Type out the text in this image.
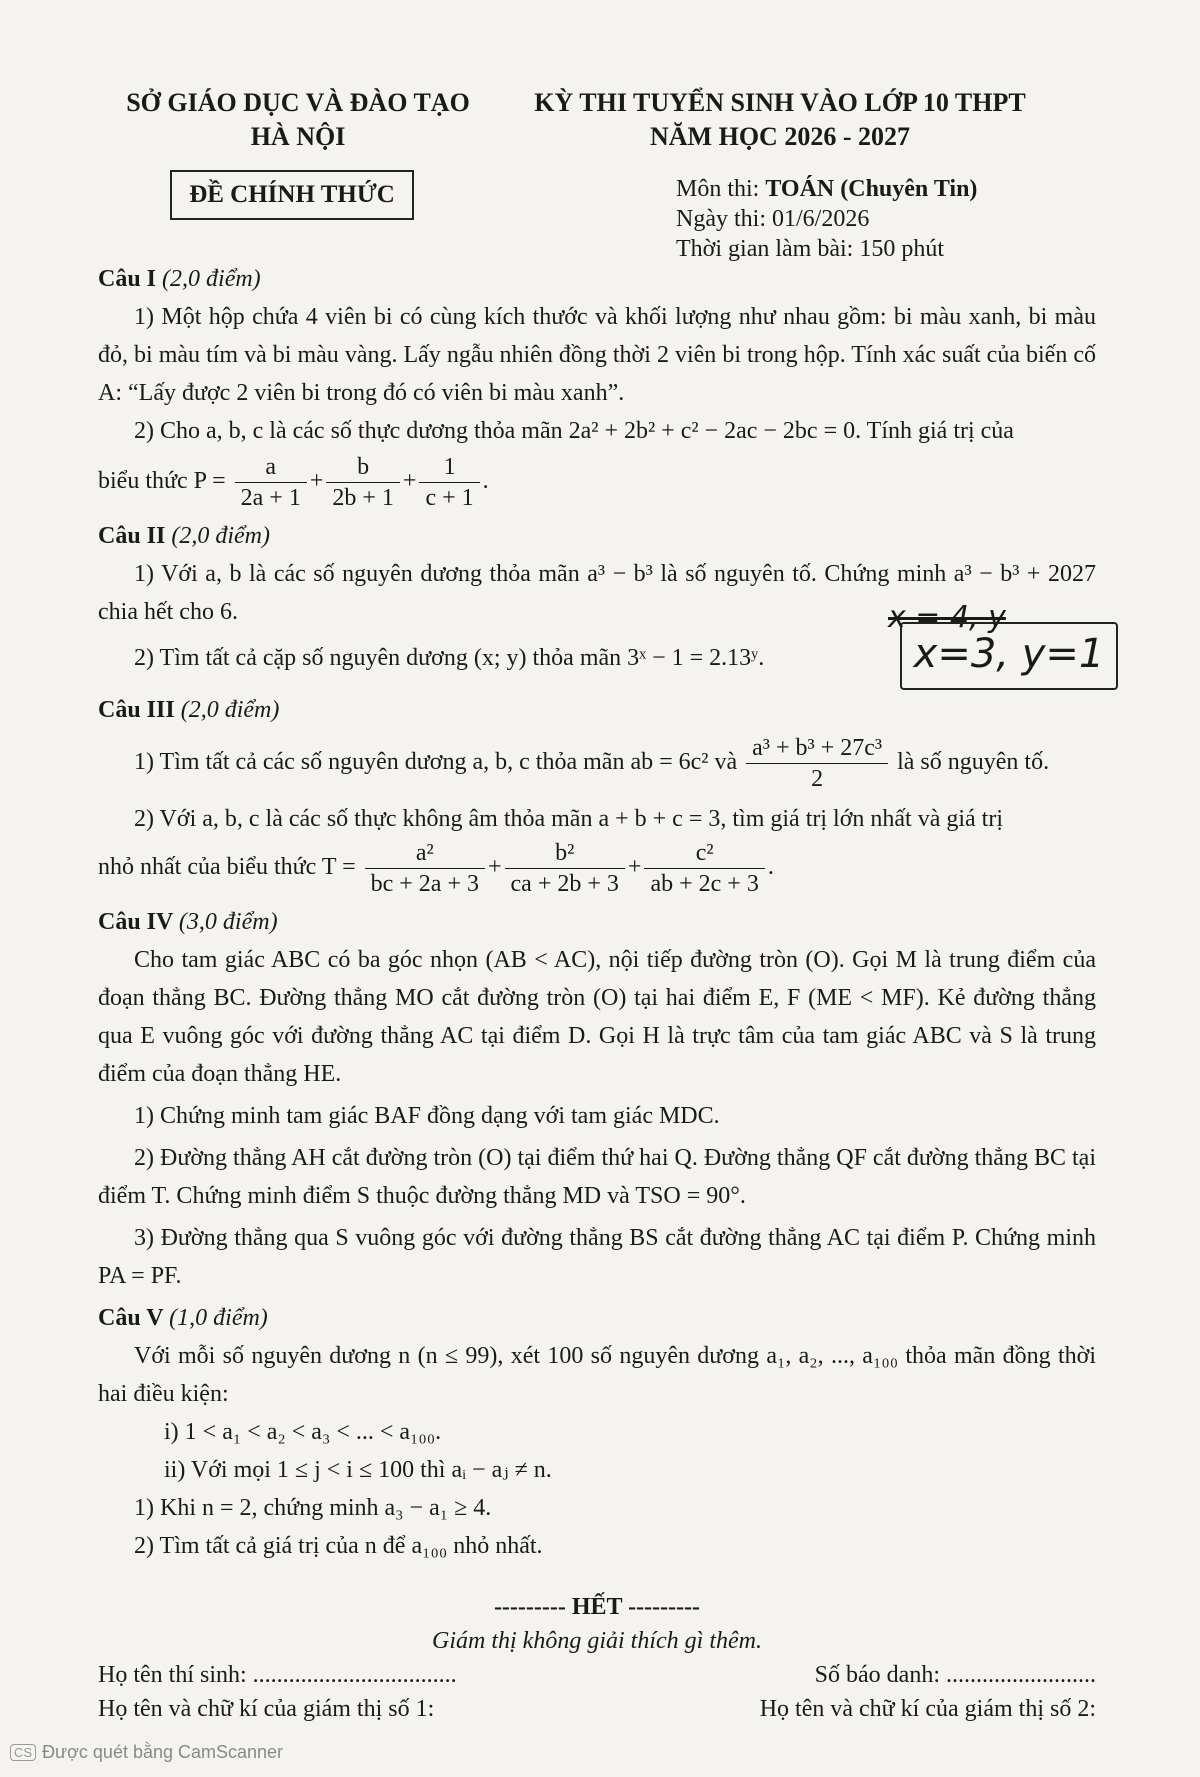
SỞ GIÁO DỤC VÀ ĐÀO TẠO
HÀ NỘI
KỲ THI TUYỂN SINH VÀO LỚP 10 THPT
NĂM HỌC 2026 - 2027
ĐỀ CHÍNH THỨC	Môn thi: TOÁN (Chuyên Tin)
Ngày thi: 01/6/2026
Thời gian làm bài: 150 phút
x = 4, y
x=3, y=1
Câu I (2,0 điểm)

1) Một hộp chứa 4 viên bi có cùng kích thước và khối lượng như nhau gồm: bi màu xanh, bi màu đỏ, bi màu tím và bi màu vàng. Lấy ngẫu nhiên đồng thời 2 viên bi trong hộp. Tính xác suất của biến cố A: “Lấy được 2 viên bi trong đó có viên bi màu xanh”.

2) Cho a, b, c là các số thực dương thỏa mãn 2a² + 2b² + c² − 2ac − 2bc = 0. Tính giá trị của

biểu thức $P = \frac{a}{2a + 1} + \frac{b}{2b + 1} + \frac{1}{c + 1}$ .
Câu II (2,0 điểm)

1) Với a, b là các số nguyên dương thỏa mãn a³ − b³ là số nguyên tố. Chứng minh a³ − b³ + 2027 chia hết cho 6.

2) Tìm tất cả cặp số nguyên dương (x; y) thỏa mãn 3ˣ − 1 = 2.13ʸ.

Câu III (2,0 điểm)
1) Tìm tất cả các số nguyên dương a, b, c thỏa mãn ab = 6c² và $\frac{\text{a³ + b³ + 27c³}}{2}$ là số nguyên tố.

2) Với a, b, c là các số thực không âm thỏa mãn a + b + c = 3, tìm giá trị lớn nhất và giá trị

nhỏ nhất của biểu thức $T = \frac{\text{a²}}{bc + 2a + 3} + \frac{\text{b²}}{ca + 2b + 3} + \frac{\text{c²}}{ab + 2c + 3}$ .
Câu IV (3,0 điểm)

Cho tam giác ABC có ba góc nhọn (AB < AC), nội tiếp đường tròn (O). Gọi M là trung điểm của đoạn thẳng BC. Đường thẳng MO cắt đường tròn (O) tại hai điểm E, F (ME < MF). Kẻ đường thẳng qua E vuông góc với đường thẳng AC tại điểm D. Gọi H là trực tâm của tam giác ABC và S là trung điểm của đoạn thẳng HE.

1) Chứng minh tam giác BAF đồng dạng với tam giác MDC.

2) Đường thẳng AH cắt đường tròn (O) tại điểm thứ hai Q. Đường thẳng QF cắt đường thẳng BC tại điểm T. Chứng minh điểm S thuộc đường thẳng MD và TSO = 90°.

3) Đường thẳng qua S vuông góc với đường thẳng BS cắt đường thẳng AC tại điểm P. Chứng minh PA = PF.

Câu V (1,0 điểm)

Với mỗi số nguyên dương n (n ≤ 99), xét 100 số nguyên dương a₁, a₂, ..., a₁₀₀ thỏa mãn đồng thời hai điều kiện:

i) 1 < a₁ < a₂ < a₃ < ... < a₁₀₀.
ii) Với mọi 1 ≤ j < i ≤ 100 thì aᵢ − aⱼ ≠ n.
1) Khi n = 2, chứng minh a₃ − a₁ ≥ 4.
2) Tìm tất cả giá trị của n để a₁₀₀ nhỏ nhất.
--------- HẾT ---------
Giám thị không giải thích gì thêm.
Họ tên thí sinh: ..................................	Số báo danh: .........................
Họ tên và chữ kí của giám thị số 1:	Họ tên và chữ kí của giám thị số 2:
CS Được quét bằng CamScanner
